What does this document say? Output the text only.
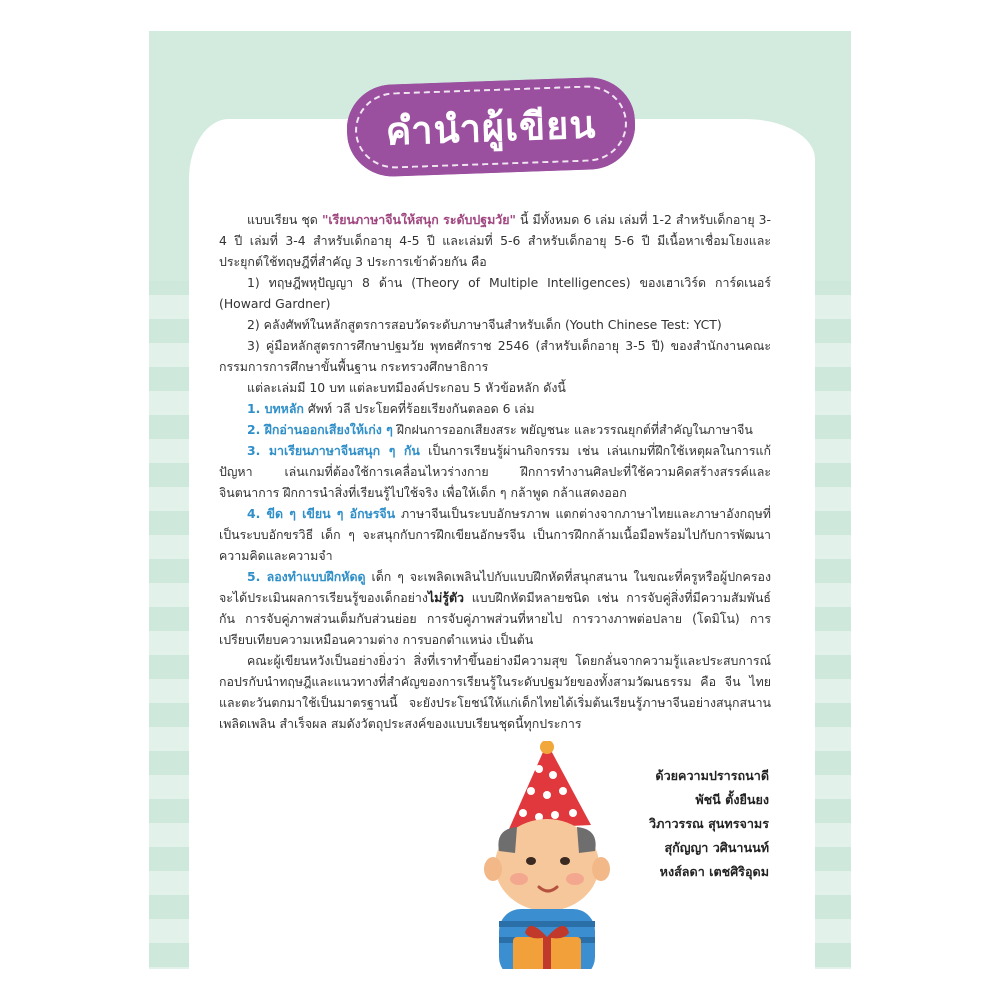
คำนำผู้เขียน

แบบเรียน ชุด "เรียนภาษาจีนให้สนุก ระดับปฐมวัย" นี้ มีทั้งหมด 6 เล่ม เล่มที่ 1-2 สำหรับเด็กอายุ 3-4 ปี เล่มที่ 3-4 สำหรับเด็กอายุ 4-5 ปี และเล่มที่ 5-6 สำหรับเด็กอายุ 5-6 ปี มีเนื้อหาเชื่อมโยงและประยุกต์ใช้ทฤษฎีที่สำคัญ 3 ประการเข้าด้วยกัน คือ

1) ทฤษฎีพหุปัญญา 8 ด้าน (Theory of Multiple Intelligences) ของเฮาเวิร์ด การ์ดเนอร์ (Howard Gardner)

2) คลังศัพท์ในหลักสูตรการสอบวัดระดับภาษาจีนสำหรับเด็ก (Youth Chinese Test: YCT)

3) คู่มือหลักสูตรการศึกษาปฐมวัย พุทธศักราช 2546 (สำหรับเด็กอายุ 3-5 ปี) ของสำนักงานคณะกรรมการการศึกษาขั้นพื้นฐาน กระทรวงศึกษาธิการ

แต่ละเล่มมี 10 บท แต่ละบทมีองค์ประกอบ 5 หัวข้อหลัก ดังนี้

1. บทหลัก ศัพท์ วลี ประโยคที่ร้อยเรียงกันตลอด 6 เล่ม

2. ฝึกอ่านออกเสียงให้เก่ง ๆ ฝึกฝนการออกเสียงสระ พยัญชนะ และวรรณยุกต์ที่สำคัญในภาษาจีน

3. มาเรียนภาษาจีนสนุก ๆ กัน เป็นการเรียนรู้ผ่านกิจกรรม เช่น เล่นเกมที่ฝึกใช้เหตุผลในการแก้ปัญหา เล่นเกมที่ต้องใช้การเคลื่อนไหวร่างกาย ฝึกการทำงานศิลปะที่ใช้ความคิดสร้างสรรค์และจินตนาการ ฝึกการนำสิ่งที่เรียนรู้ไปใช้จริง เพื่อให้เด็ก ๆ กล้าพูด กล้าแสดงออก

4. ขีด ๆ เขียน ๆ อักษรจีน ภาษาจีนเป็นระบบอักษรภาพ แตกต่างจากภาษาไทยและภาษาอังกฤษที่เป็นระบบอักขรวิธี เด็ก ๆ จะสนุกกับการฝึกเขียนอักษรจีน เป็นการฝึกกล้ามเนื้อมือพร้อมไปกับการพัฒนาความคิดและความจำ

5. ลองทำแบบฝึกหัดดู เด็ก ๆ จะเพลิดเพลินไปกับแบบฝึกหัดที่สนุกสนาน ในขณะที่ครูหรือผู้ปกครองจะได้ประเมินผลการเรียนรู้ของเด็กอย่างไม่รู้ตัว แบบฝึกหัดมีหลายชนิด เช่น การจับคู่สิ่งที่มีความสัมพันธ์กัน การจับคู่ภาพส่วนเต็มกับส่วนย่อย การจับคู่ภาพส่วนที่หายไป การวางภาพต่อปลาย (โดมิโน) การเปรียบเทียบความเหมือนความต่าง การบอกตำแหน่ง เป็นต้น

คณะผู้เขียนหวังเป็นอย่างยิ่งว่า สิ่งที่เราทำขึ้นอย่างมีความสุข โดยกลั่นจากความรู้และประสบการณ์ กอปรกับนำทฤษฎีและแนวทางที่สำคัญของการเรียนรู้ในระดับปฐมวัยของทั้งสามวัฒนธรรม คือ จีน ไทย และตะวันตกมาใช้เป็นมาตรฐานนี้ จะยังประโยชน์ให้แก่เด็กไทยได้เริ่มต้นเรียนรู้ภาษาจีนอย่างสนุกสนาน เพลิดเพลิน สำเร็จผล สมดังวัตถุประสงค์ของแบบเรียนชุดนี้ทุกประการ

ด้วยความปรารถนาดี
พัชนี ตั้งยืนยง
วิภาวรรณ สุนทรจามร
สุกัญญา วศินานนท์
หงส์ลดา เตชศิริอุดม
